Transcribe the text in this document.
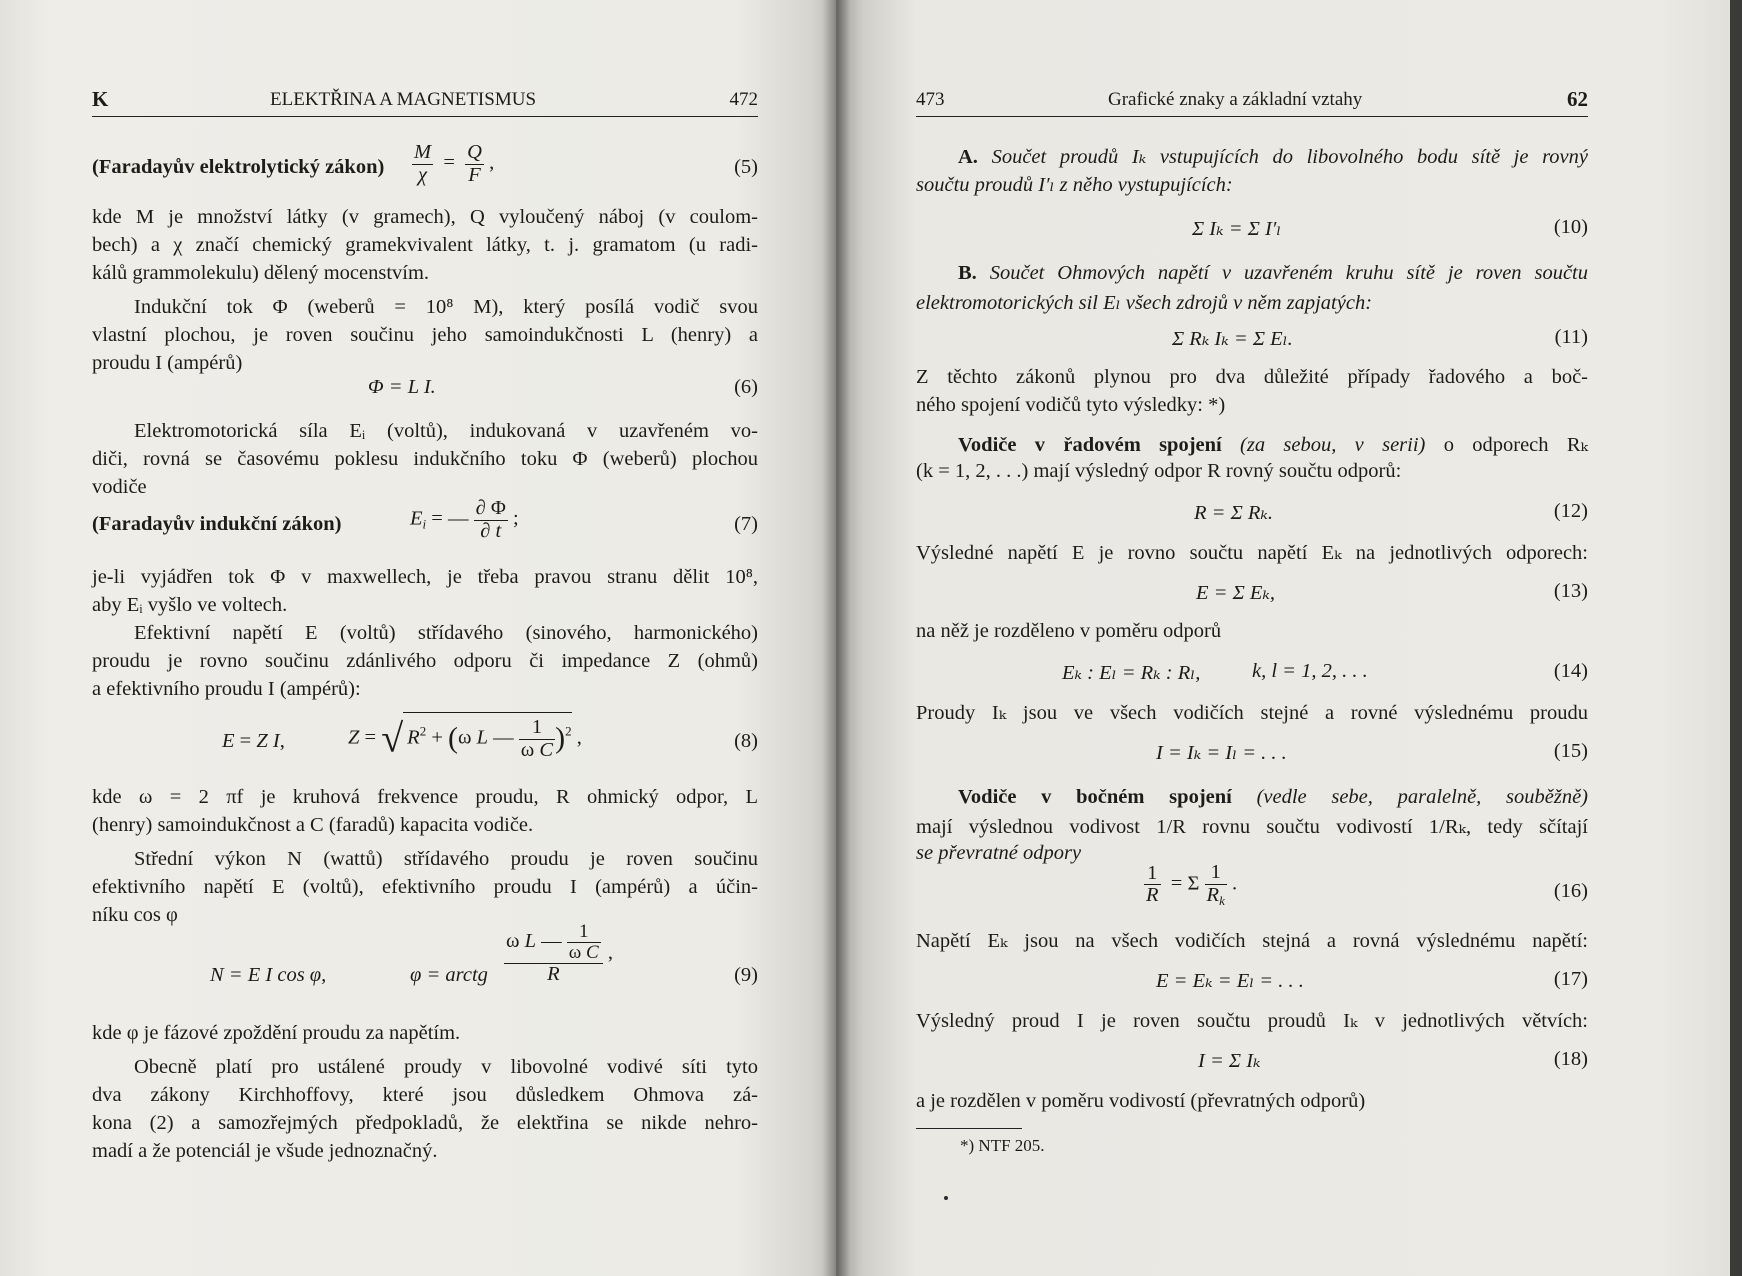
K	ELEKTŘINA A MAGNETISMUS	472
(Faradayův elektrolytický zákon) $\frac{M}{\chi} = \frac{Q}{F}$ ,	(5)
kde M je množství látky (v gramech), Q vyloučený náboj (v coulom-
bech) a χ značí chemický gramekvivalent látky, t. j. gramatom (u radi-
kálů grammolekulu) dělený mocenstvím.
Indukční tok Φ (weberů = 10⁸ M), který posílá vodič svou
vlastní plochou, je roven součinu jeho samoindukčnosti L (henry) a
proudu I (ampérů)
Φ = L I.	(6)
Elektromotorická síla Eᵢ (voltů), indukovaná v uzavřeném vo-
diči, rovná se časovému poklesu indukčního toku Φ (weberů) plochou
vodiče
(Faradayův indukční zákon)	$E_i$ = — $\frac{\partial \Phi}{\partial t}$ ;	(7)
je-li vyjádřen tok Φ v maxwellech, je třeba pravou stranu dělit 10⁸,
aby Eᵢ vyšlo ve voltech.
Efektivní napětí E (voltů) střídavého (sinového, harmonického)
proudu je rovno součinu zdánlivého odporu či impedance Z (ohmů)
a efektivního proudu I (ampérů):
E = Z I,	Z = √ $R^2 + (\omega$ L — $\frac{1}{\text{ω C}} )^2$ ,	(8)
kde ω = 2 πf je kruhová frekvence proudu, R ohmický odpor, L
(henry) samoindukčnost a C (faradů) kapacita vodiče.
Střední výkon N (wattů) střídavého proudu je roven součinu
efektivního napětí E (voltů), efektivního proudu I (ampérů) a účin-
níku cos φ
N = E I cos φ,	φ = arctg $\frac{\omega L — \frac{1}{\text{ω C}}}{R}$ ,
(9)
kde φ je fázové zpoždění proudu za napětím.
Obecně platí pro ustálené proudy v libovolné vodivé síti tyto
dva zákony Kirchhoffovy, které jsou důsledkem Ohmova zá-
kona (2) a samozřejmých předpokladů, že elektřina se nikde nehro-
madí a že potenciál je všude jednoznačný.
473	Grafické znaky a základní vztahy	62
A. Součet proudů Iₖ vstupujících do libovolného bodu sítě je rovný
součtu proudů I′ₗ z něho vystupujících:
Σ Iₖ = Σ I′ₗ	(10)
B. Součet Ohmových napětí v uzavřeném kruhu sítě je roven součtu
elektromotorických sil Eₗ všech zdrojů v něm zapjatých:
Σ Rₖ Iₖ = Σ Eₗ.	(11)
Z těchto zákonů plynou pro dva důležité případy řadového a boč-
ného spojení vodičů tyto výsledky: *)
Vodiče v řadovém spojení (za sebou, v serii) o odporech Rₖ
(k = 1, 2, . . .) mají výsledný odpor R rovný součtu odporů:
R = Σ Rₖ.	(12)
Výsledné napětí E je rovno součtu napětí Eₖ na jednotlivých odporech:
E = Σ Eₖ,	(13)
na něž je rozděleno v poměru odporů
Eₖ : Eₗ = Rₖ : Rₗ,	k, l = 1, 2, . . .	(14)
Proudy Iₖ jsou ve všech vodičích stejné a rovné výslednému proudu
I = Iₖ = Iₗ = . . .	(15)
Vodiče v bočném spojení (vedle sebe, paralelně, souběžně)
mají výslednou vodivost 1/R rovnu součtu vodivostí 1/Rₖ, tedy sčítají
se převratné odpory
$\frac{1}{R} = \Sigma \frac{1}{R_k}$ .	(16)
Napětí Eₖ jsou na všech vodičích stejná a rovná výslednému napětí:
E = Eₖ = Eₗ = . . .	(17)
Výsledný proud I je roven součtu proudů Iₖ v jednotlivých větvích:
I = Σ Iₖ	(18)
a je rozdělen v poměru vodivostí (převratných odporů)
*) NTF 205.
